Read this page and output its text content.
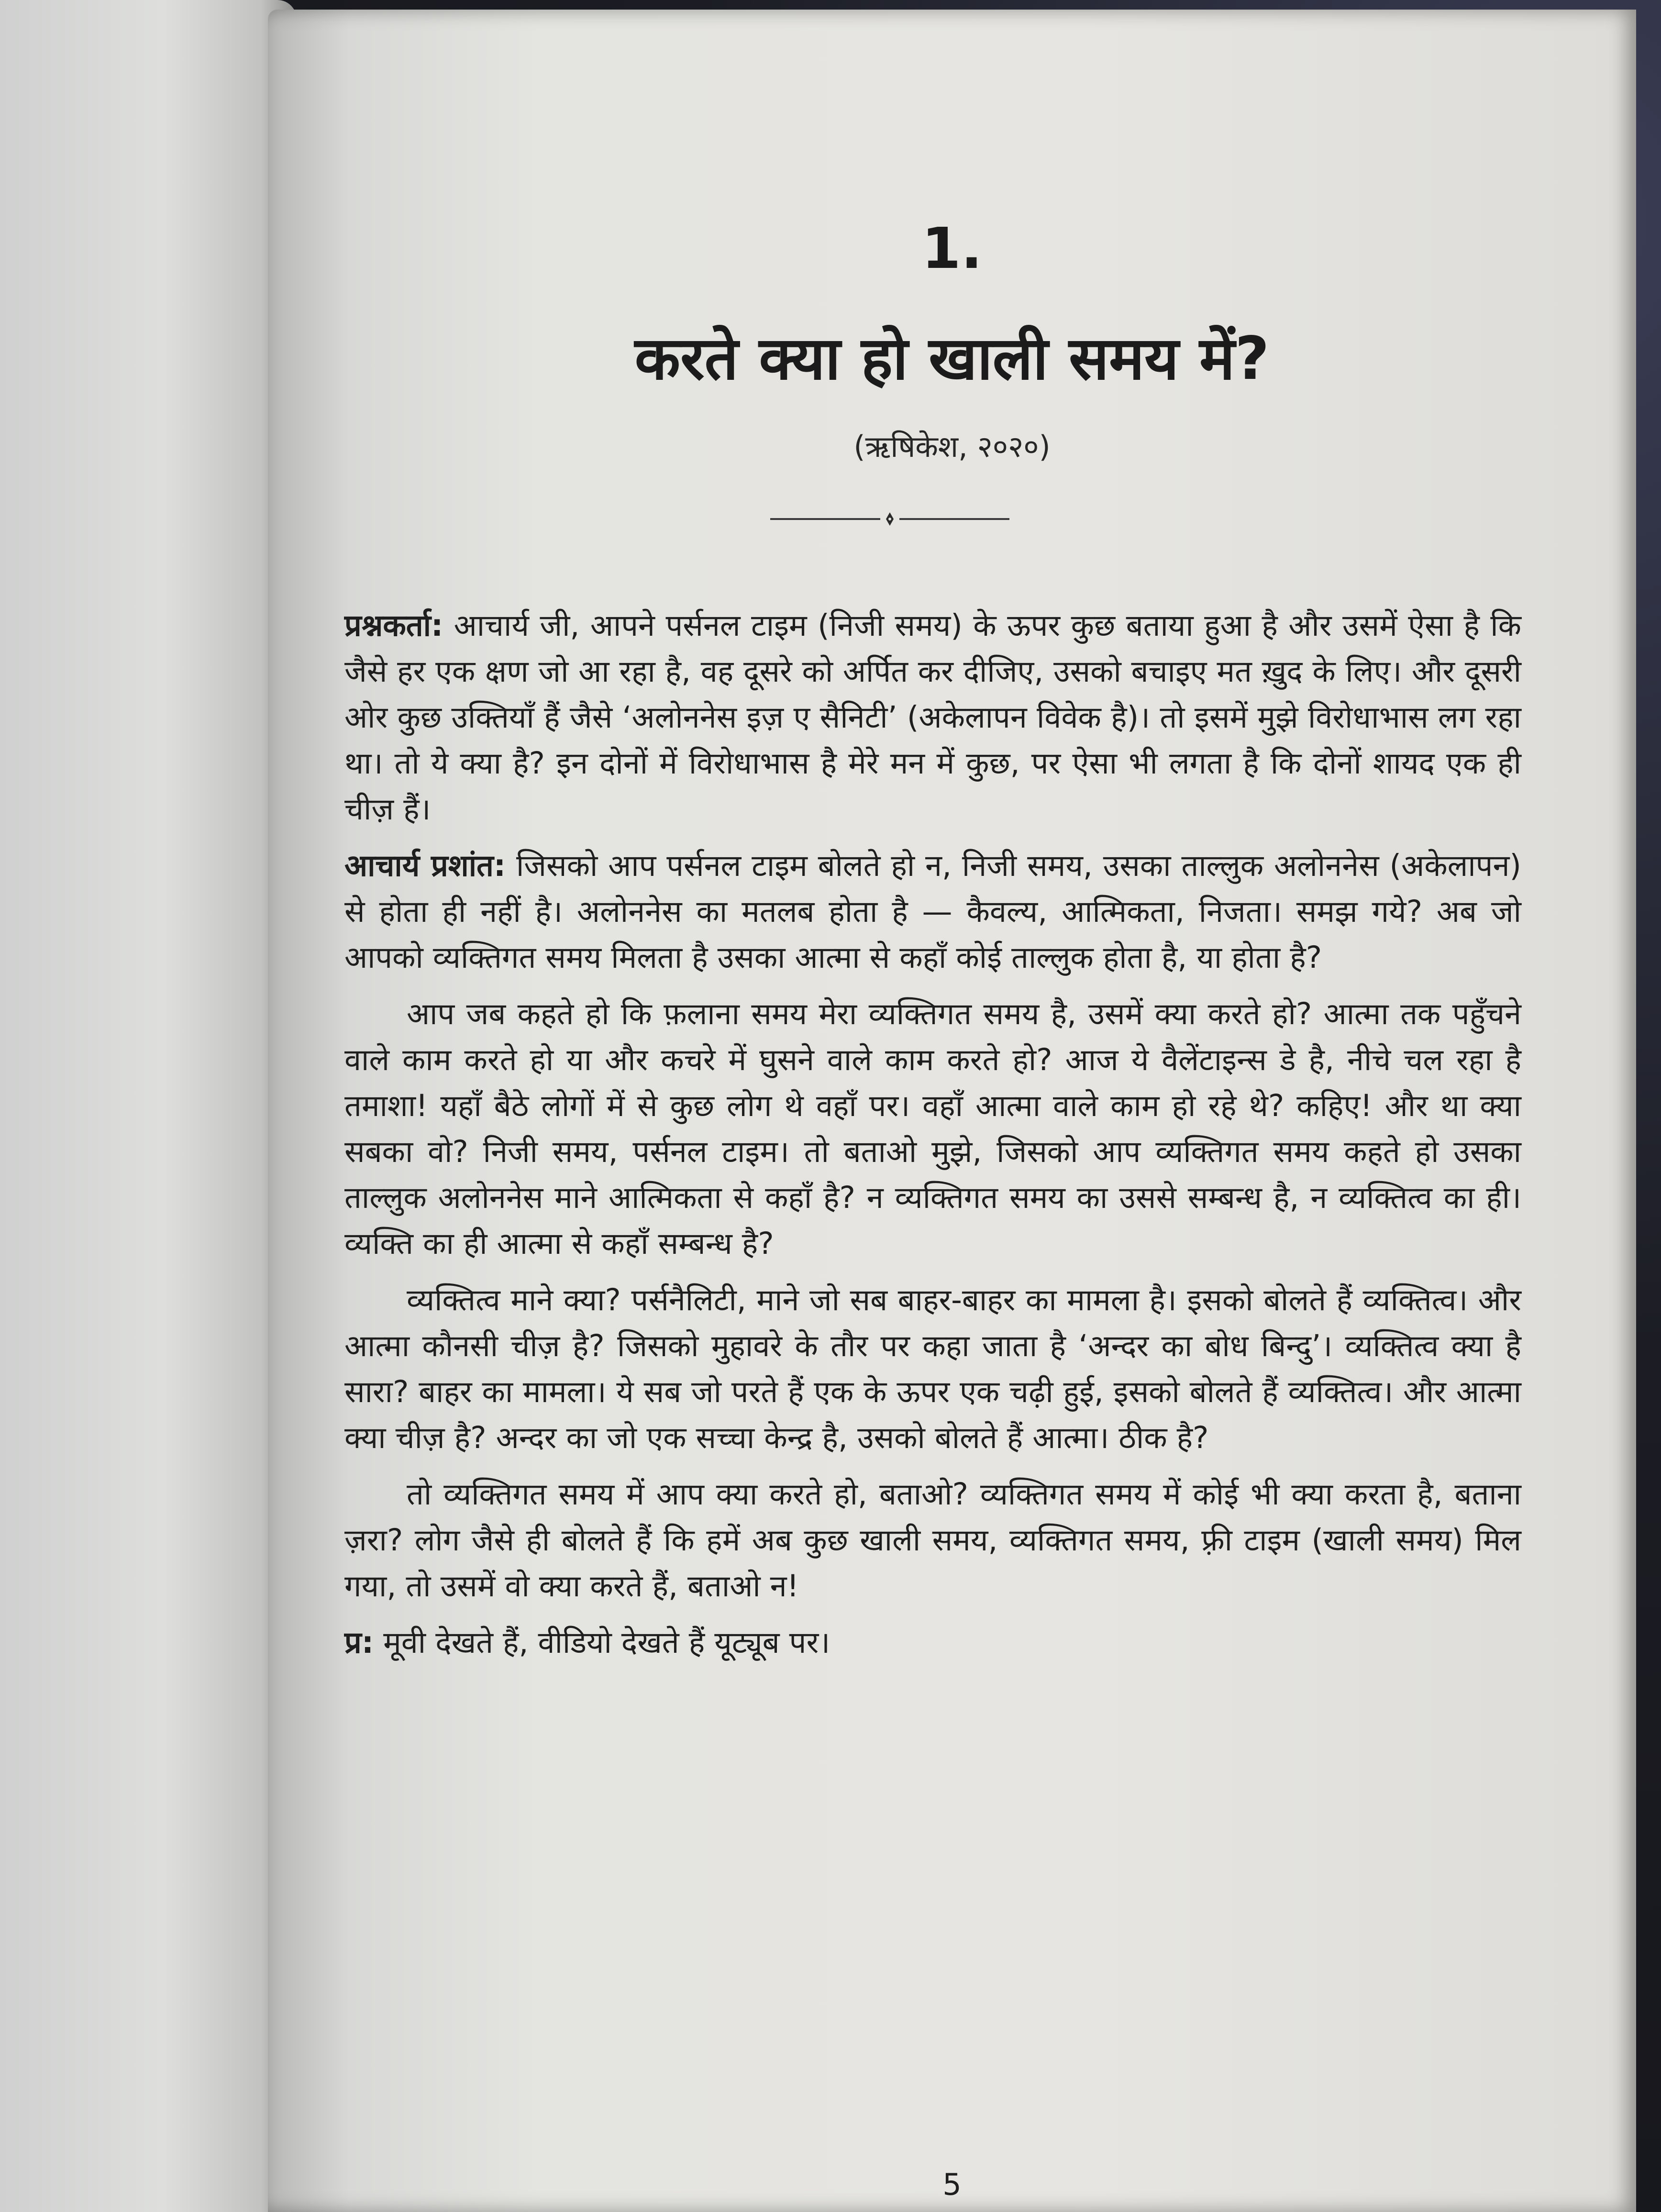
1.
करते क्या हो खाली समय में?
(ऋषिकेश, २०२०)

प्रश्नकर्ता: आचार्य जी, आपने पर्सनल टाइम (निजी समय) के ऊपर कुछ बताया हुआ है और उसमें ऐसा है कि जैसे हर एक क्षण जो आ रहा है, वह दूसरे को अर्पित कर दीजिए, उसको बचाइए मत ख़ुद के लिए। और दूसरी ओर कुछ उक्तियाँ हैं जैसे ‘अलोननेस इज़ ए सैनिटी’ (अकेलापन विवेक है)। तो इसमें मुझे विरोधाभास लग रहा था। तो ये क्या है? इन दोनों में विरोधाभास है मेरे मन में कुछ, पर ऐसा भी लगता है कि दोनों शायद एक ही चीज़ हैं।

आचार्य प्रशांत: जिसको आप पर्सनल टाइम बोलते हो न, निजी समय, उसका ताल्लुक अलोननेस (अकेलापन) से होता ही नहीं है। अलोननेस का मतलब होता है — कैवल्य, आत्मिकता, निजता। समझ गये? अब जो आपको व्यक्तिगत समय मिलता है उसका आत्मा से कहाँ कोई ताल्लुक होता है, या होता है?

आप जब कहते हो कि फ़लाना समय मेरा व्यक्तिगत समय है, उसमें क्या करते हो? आत्मा तक पहुँचने वाले काम करते हो या और कचरे में घुसने वाले काम करते हो? आज ये वैलेंटाइन्स डे है, नीचे चल रहा है तमाशा! यहाँ बैठे लोगों में से कुछ लोग थे वहाँ पर। वहाँ आत्मा वाले काम हो रहे थे? कहिए! और था क्या सबका वो? निजी समय, पर्सनल टाइम। तो बताओ मुझे, जिसको आप व्यक्तिगत समय कहते हो उसका ताल्लुक अलोननेस माने आत्मिकता से कहाँ है? न व्यक्तिगत समय का उससे सम्बन्ध है, न व्यक्तित्व का ही। व्यक्ति का ही आत्मा से कहाँ सम्बन्ध है?

व्यक्तित्व माने क्या? पर्सनैलिटी, माने जो सब बाहर-बाहर का मामला है। इसको बोलते हैं व्यक्तित्व। और आत्मा कौनसी चीज़ है? जिसको मुहावरे के तौर पर कहा जाता है ‘अन्दर का बोध बिन्दु’। व्यक्तित्व क्या है सारा? बाहर का मामला। ये सब जो परते हैं एक के ऊपर एक चढ़ी हुई, इसको बोलते हैं व्यक्तित्व। और आत्मा क्या चीज़ है? अन्दर का जो एक सच्चा केन्द्र है, उसको बोलते हैं आत्मा। ठीक है?

तो व्यक्तिगत समय में आप क्या करते हो, बताओ? व्यक्तिगत समय में कोई भी क्या करता है, बताना ज़रा? लोग जैसे ही बोलते हैं कि हमें अब कुछ खाली समय, व्यक्तिगत समय, फ़्री टाइम (खाली समय) मिल गया, तो उसमें वो क्या करते हैं, बताओ न!

प्र: मूवी देखते हैं, वीडियो देखते हैं यूट्यूब पर।

5
